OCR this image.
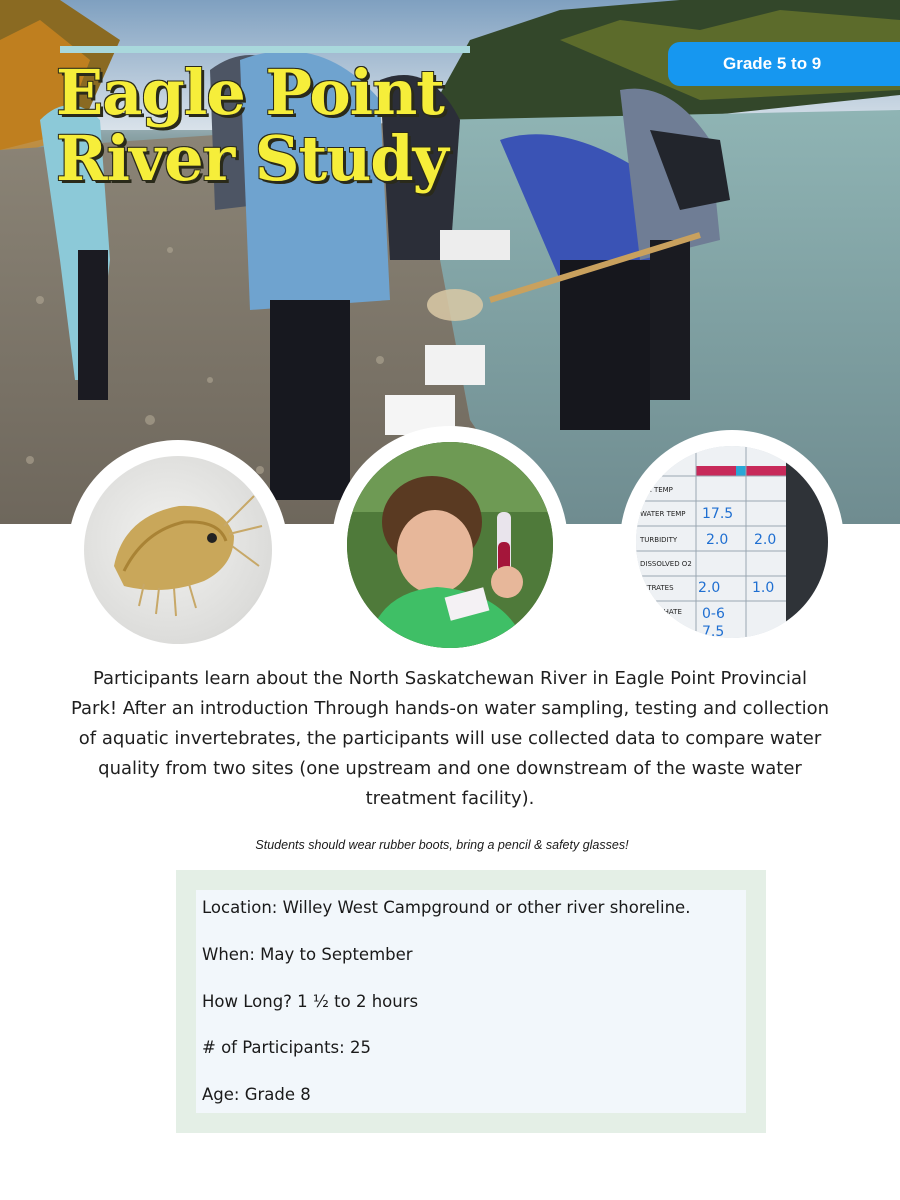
Eagle Point
River Study
Grade 5 to 9
AIR TEMP
WATER TEMP
TURBIDITY
DISSOLVED O2
NITRATES
PHOSPHATE
17.5
2.0 2.0
2.0 1.0
0-6
7.5

Participants learn about the North Saskatchewan River in Eagle Point Provincial Park! After an introduction Through hands-on water sampling, testing and collection of aquatic invertebrates, the participants will use collected data to compare water quality from two sites (one upstream and one downstream of the waste water treatment facility).

Students should wear rubber boots, bring a pencil & safety glasses!

Location: Willey West Campground or other river shoreline.
When: May to September
How Long? 1 ½ to 2 hours
# of Participants: 25
Age: Grade 8
